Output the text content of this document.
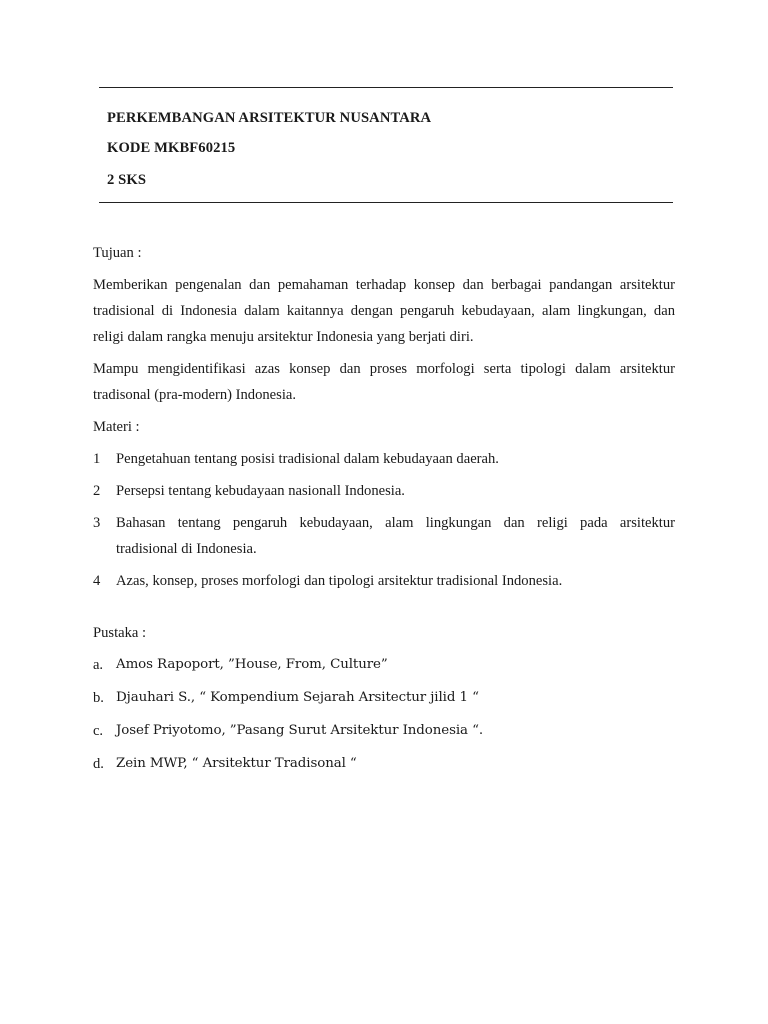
PERKEMBANGAN ARSITEKTUR NUSANTARA
KODE MKBF60215
2 SKS
Tujuan :
Memberikan pengenalan dan pemahaman terhadap konsep dan berbagai pandangan arsitektur
tradisional di Indonesia dalam kaitannya dengan pengaruh kebudayaan, alam lingkungan, dan
religi dalam rangka menuju arsitektur Indonesia yang berjati diri.
Mampu mengidentifikasi azas konsep dan proses morfologi serta tipologi dalam arsitektur
tradisonal (pra-modern) Indonesia.
Materi :
1	Pengetahuan tentang posisi tradisional dalam kebudayaan daerah.
2	Persepsi tentang kebudayaan nasionall Indonesia.
3	Bahasan tentang pengaruh kebudayaan, alam lingkungan dan religi pada arsitektur
tradisional di Indonesia.
4	Azas, konsep, proses morfologi dan tipologi arsitektur tradisional Indonesia.
Pustaka :
a. Amos Rapoport, ”House, From, Culture”
b. Djauhari S., “ Kompendium Sejarah Arsitectur jilid 1 “
c. Josef Priyotomo, ”Pasang Surut Arsitektur Indonesia “.
d. Zein MWP, “ Arsitektur Tradisonal “
